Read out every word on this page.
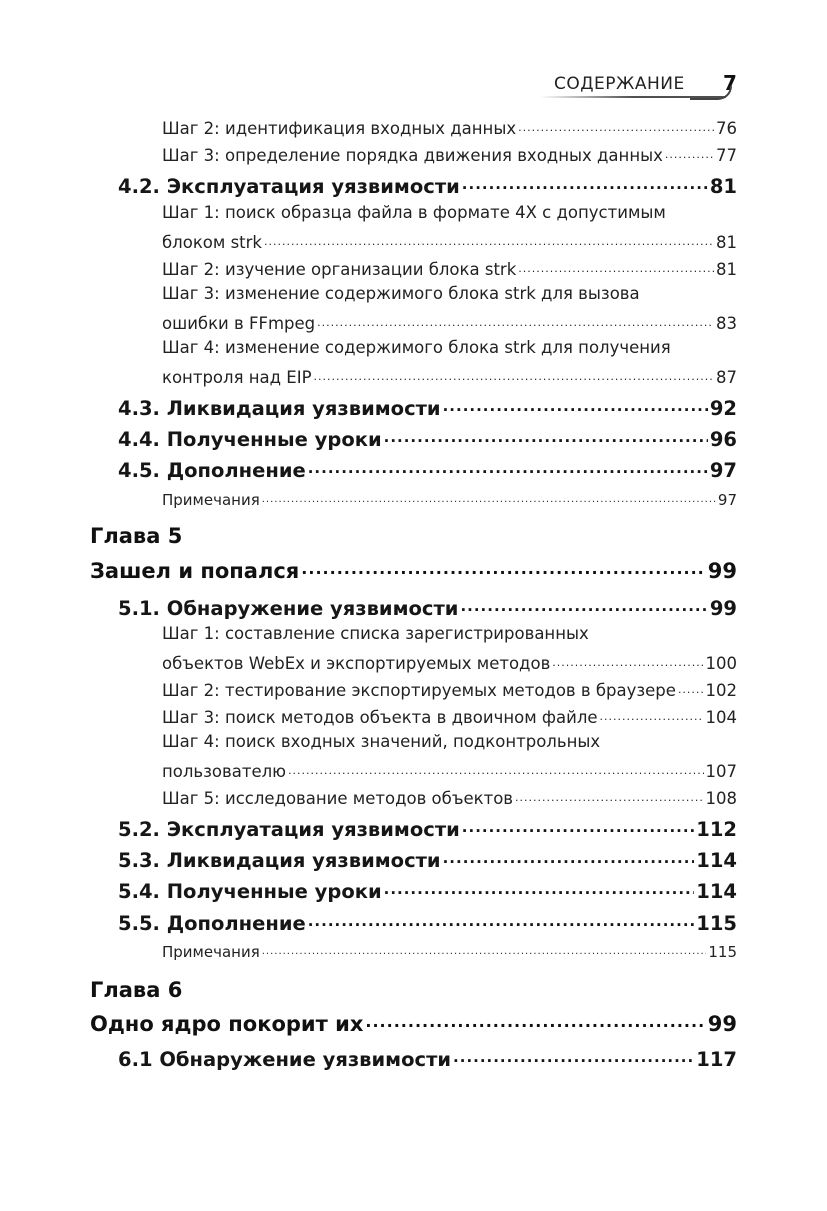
СОДЕРЖАНИЕ 7
Шаг 2: идентификация входных данных .....	76
Шаг 3: определение порядка движения входных данных .....	77
4.2. Эксплуатация уязвимости .....	81
Шаг 1: поиск образца файла в формате 4X с допустимым
блоком strk .....	81
Шаг 2: изучение организации блока strk .....	81
Шаг 3: изменение содержимого блока strk для вызова
ошибки в FFmpeg .....	83
Шаг 4: изменение содержимого блока strk для получения
контроля над EIP .....	87
4.3. Ликвидация уязвимости .....	92
4.4. Полученные уроки .....	96
4.5. Дополнение .....	97
Примечания .....	97
Глава 5
Зашел и попался .....	99
5.1. Обнаружение уязвимости .....	99
Шаг 1: составление списка зарегистрированных
объектов WebEx и экспортируемых методов .....	100
Шаг 2: тестирование экспортируемых методов в браузере ..... 102
Шаг 3: поиск методов объекта в двоичном файле .....	104
Шаг 4: поиск входных значений, подконтрольных
пользователю .....	107
Шаг 5: исследование методов объектов .....	108
5.2. Эксплуатация уязвимости .....	112
5.3. Ликвидация уязвимости .....	114
5.4. Полученные уроки .....	114
5.5. Дополнение .....	115
Примечания .....	115
Глава 6
Одно ядро покорит их .....	99
6.1 Обнаружение уязвимости .....	117
